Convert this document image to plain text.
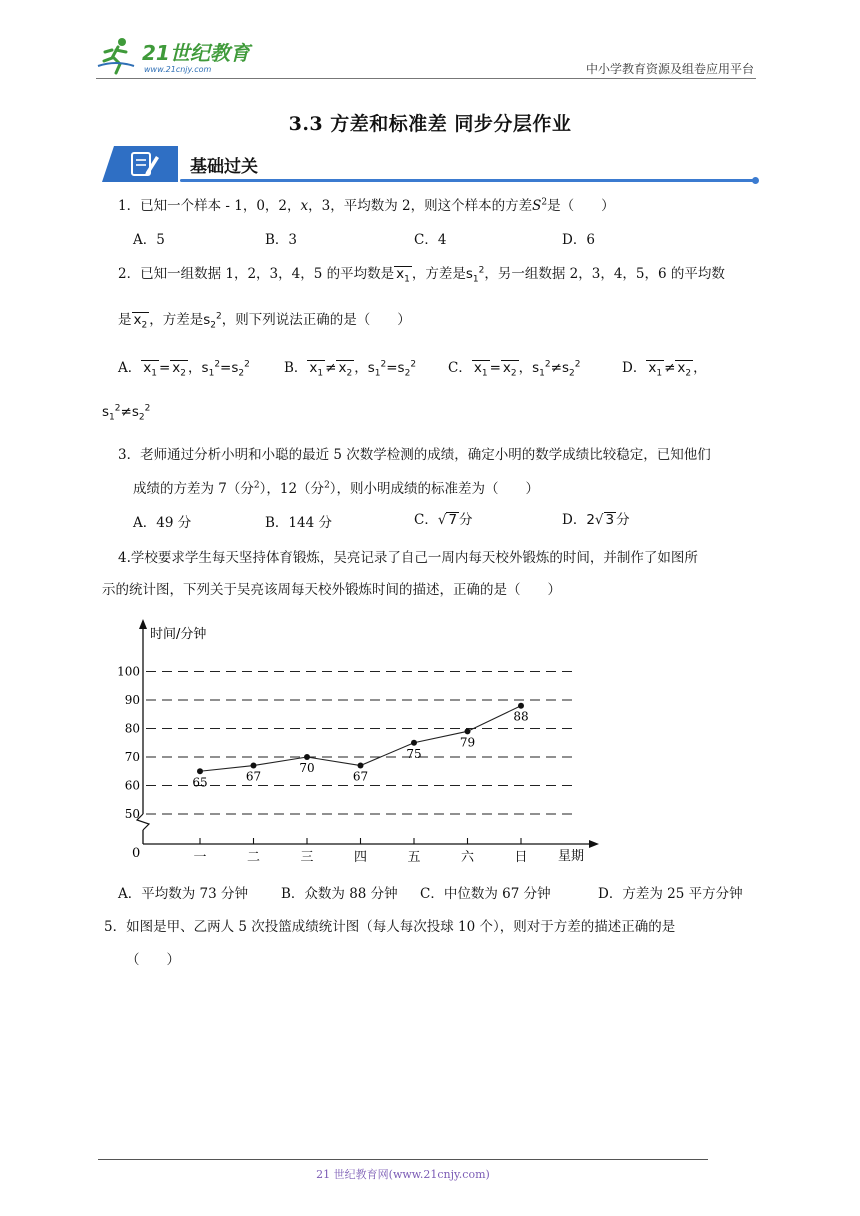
21世纪教育
www.21cnjy.com	中小学教育资源及组卷应用平台
3.3 方差和标准差 同步分层作业
基础过关
1．已知一个样本 - 1，0，2，x，3，平均数为 2，则这个样本的方差$S^2$是（　　）
A．5	B．3	C．4	D．6
2．已知一组数据 1，2，3，4，5 的平均数是 $x_1$ ，方差是$s_1^2$，另一组数据 2，3，4，5，6 的平均数
是 $x_2$ ，方差是$s_2^2$，则下列说法正确的是（　　）
A． $x_1 = x_2$ ，$s_1^2=s_2^2$	B． $x_1 \ne x_2$ ，$s_1^2=s_2^2$ C． $x_1 = x_2$ ，$s_1^2\ne s_2^2$	D． $x_1 \ne x_2$ ，
$s_1^2\ne s_2^2$
3．老师通过分析小明和小聪的最近 5 次数学检测的成绩，确定小明的数学成绩比较稳定，已知他们
成绩的方差为 7（分$^2$），12（分$^2$），则小明成绩的标准差为（　　）
A．49 分	B．144 分	C．√ 7 分	D．2√ 3 分
4.学校要求学生每天坚持体育锻炼，吴亮记录了自己一周内每天校外锻炼的时间，并制作了如图所
示的统计图，下列关于吴亮该周每天校外锻炼时间的描述，正确的是（　　）
时间/分钟
星期
0
50
60
70
80
90
100
一	二	三	四	五	六	日
65	67
70
67
75
79
88
A．平均数为 73 分钟 B．众数为 88 分钟 C．中位数为 67 分钟	D．方差为 25 平方分钟
5．如图是甲、乙两人 5 次投篮成绩统计图（每人每次投球 10 个），则对于方差的描述正确的是
（　　）
21 世纪教育网(www.21cnjy.com)
